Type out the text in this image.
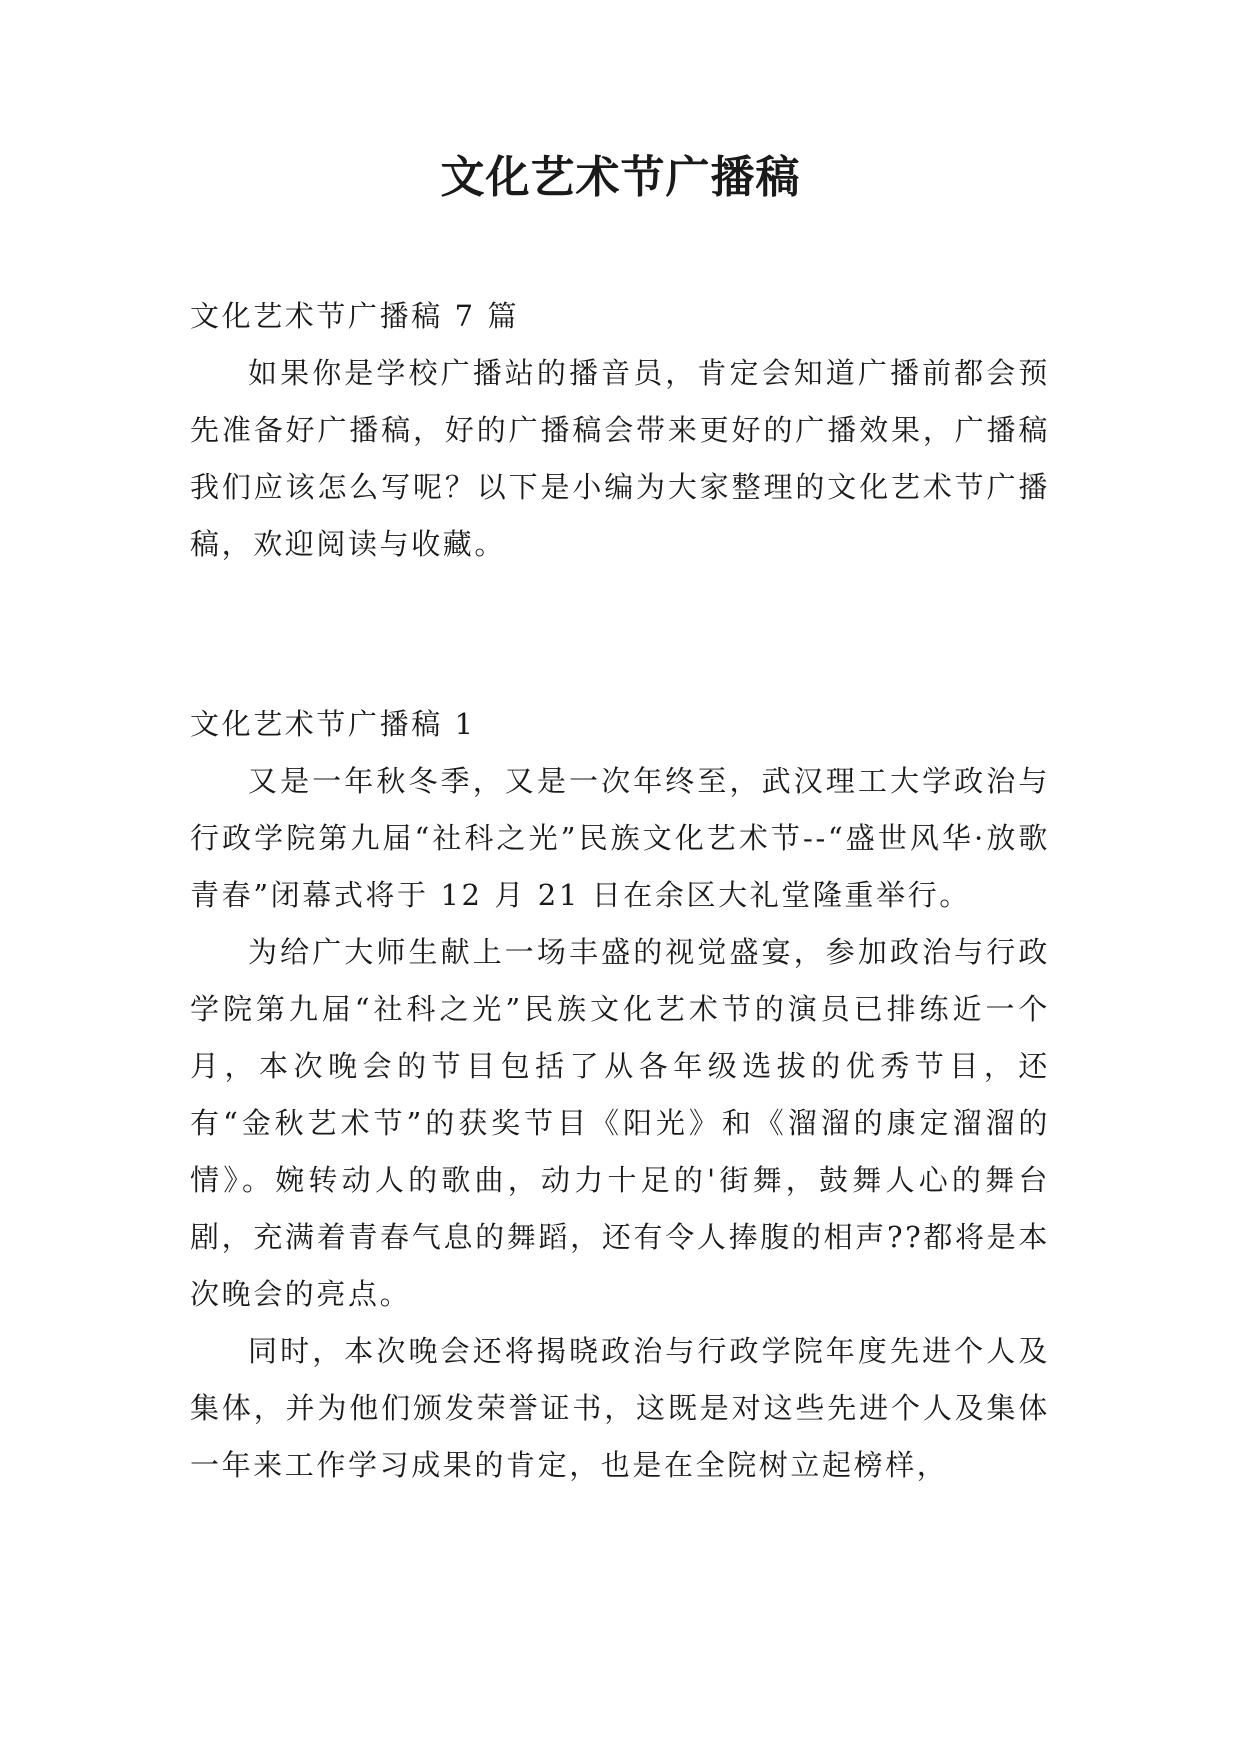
文化艺术节广播稿

文化艺术节广播稿 7 篇

如果你是学校广播站的播音员，肯定会知道广播前都会预先准备好广播稿，好的广播稿会带来更好的广播效果，广播稿我们应该怎么写呢？以下是小编为大家整理的文化艺术节广播稿，欢迎阅读与收藏。

文化艺术节广播稿 1

又是一年秋冬季，又是一次年终至，武汉理工大学政治与行政学院第九届“社科之光”民族文化艺术节--“盛世风华·放歌青春”闭幕式将于 12 月 21 日在余区大礼堂隆重举行。

为给广大师生献上一场丰盛的视觉盛宴，参加政治与行政学院第九届“社科之光”民族文化艺术节的演员已排练近一个月，本次晚会的节目包括了从各年级选拔的优秀节目，还有“金秋艺术节”的获奖节目《阳光》和《溜溜的康定溜溜的情》。婉转动人的歌曲，动力十足的'街舞，鼓舞人心的舞台剧，充满着青春气息的舞蹈，还有令人捧腹的相声??都将是本次晚会的亮点。

同时，本次晚会还将揭晓政治与行政学院年度先进个人及集体，并为他们颁发荣誉证书，这既是对这些先进个人及集体一年来工作学习成果的肯定，也是在全院树立起榜样，
